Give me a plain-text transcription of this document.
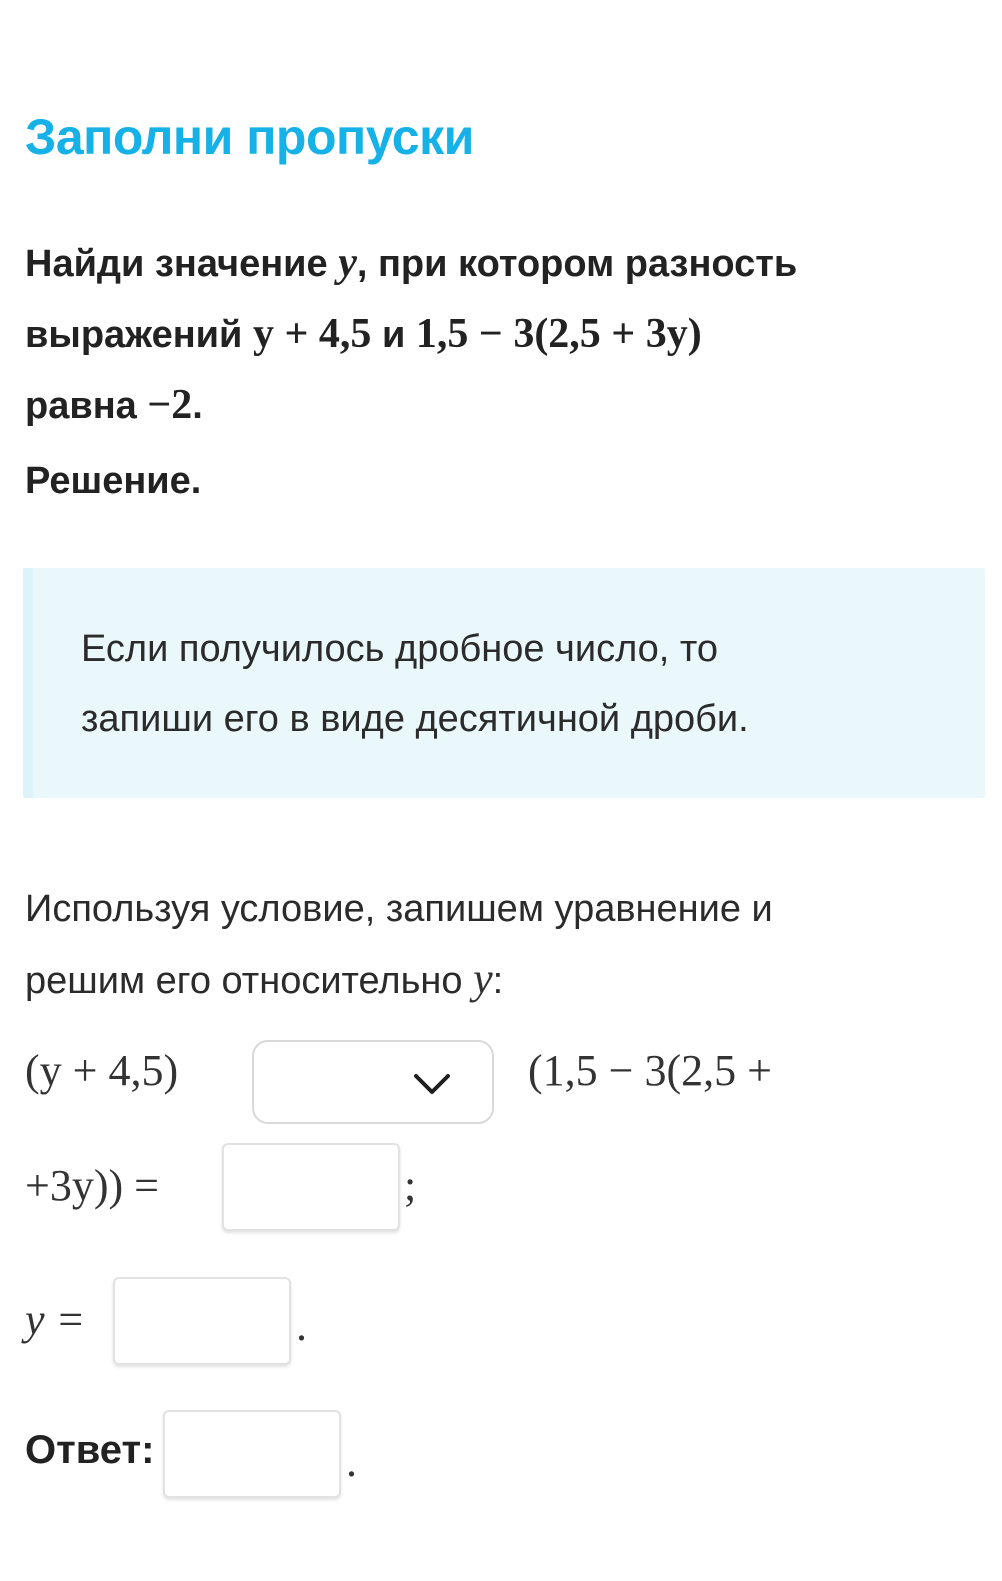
Заполни пропуски
Найди значение y, при котором разность
выражений y + 4,5 и 1,5 − 3(2,5 + 3y)
равна −2.
Решение.
Если получилось дробное число, то
запиши его в виде десятичной дроби.
Используя условие, запишем уравнение и
решим его относительно y:
(y + 4,5)	(1,5 − 3(2,5 +
+3y)) =	;
y =	.
Ответ:	.
